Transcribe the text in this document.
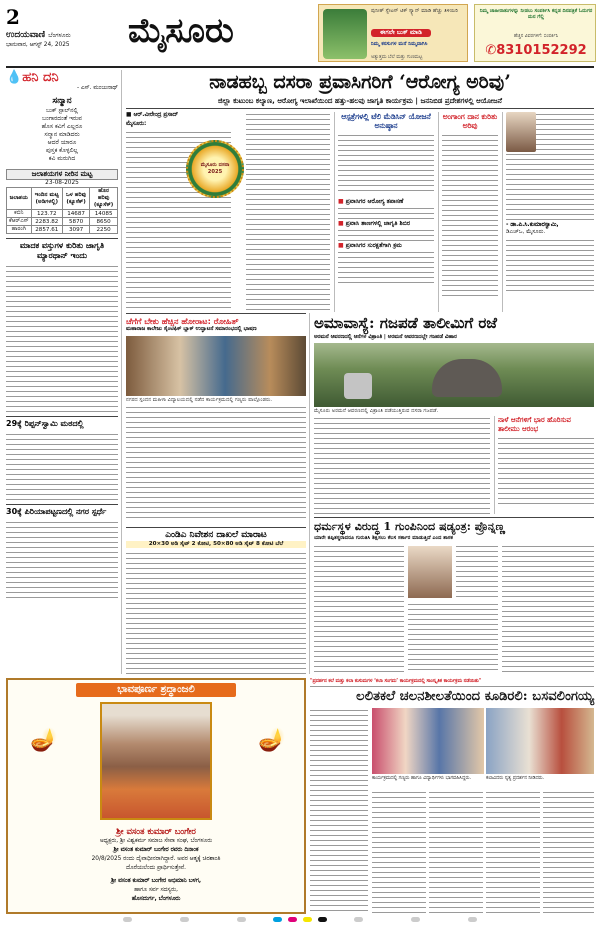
2
ಉದಯವಾಣಿ ಬೆಂಗಳೂರು
ಭಾನುವಾರ, ಆಗಸ್ಟ್ 24, 2025	ಮೈಸೂರು	ಪುನೀತ್ ಸ್ಟೇಟಸ್ ಟಿಕ್ ಸ್ಕ್ಯಾನ್ ಮಾಡಿ ಹೆಚ್ಚು ತಿಳಿಯಿರಿ
ಈಗಲೇ ಬುಕ್ ಮಾಡಿ
ನಿಮ್ಮ ಕನಸುಗಳ ಮನೆ ನಿಮ್ಮದಾಗಿಸಿ
ಅತ್ಯುತ್ತಮ ಬೆಲೆ ಮತ್ತು ಗುಣಮಟ್ಟ
ನಿಮ್ಮ ಜಾಹೀರಾತುಗಳನ್ನು ನೀಡಲು ಸಂಪರ್ಕಿಸಿ ಕನ್ನಡ ದಿನಪತ್ರಿಕೆ ಓದುಗರ ಮನ ಗೆಲ್ಲಿ
ಹೆಚ್ಚಿನ ವಿವರಗಳಿಗೆ: ಸಂಪರ್ಕಿಸಿ
✆8310152292
💧ಹನಿ ದನಿ
- ಎಸ್. ಮಂಜುನಾಥ್
ಸನ್ಮಾನ
ಬುಕ್ ಸ್ಟಾಲ್‌ನಲ್ಲಿ
ಬಂಗಾರದಂತೆ ಇರುವ
ಹೊಸ ಕವಿಗೆ ಎಲ್ಲರೂ
ಸನ್ಮಾನ ಮಾಡಿದರು
ಆದರೆ ಯಾರೂ
ಪುಸ್ತಕ ಕೊಳ್ಳಲಿಲ್ಲ
ಕವಿ ಮರುಗಿದ
ಜಲಾಶಯಗಳ ನೀರಿನ ಮಟ್ಟ
23-08-2025
ಜಲಾಶಯ	ಇಂದಿನ ಮಟ್ಟ (ಅಡಿಗಳಲ್ಲಿ)	ಒಳ ಹರಿವು (ಕ್ಯೂಸೆಕ್)	ಹೊರ ಹರಿವು (ಕ್ಯೂಸೆಕ್)
ಕಬಿನಿ	123.72	14687	14085
ಕೆಆರ್‌ಎಸ್	2283.82	5870	8650
ಹಾರಂಗಿ	2857.61	3097	2250
ಮಾದಕ ವಸ್ತುಗಳ ಕುರಿತು ಜಾಗೃತಿ ಮ್ಯಾರಥಾನ್ ಇಂದು
29ಕ್ಕೆ ರಿಪ್ಪನ್‌ಸ್ವಾಮಿ ಮಠದಲ್ಲಿ
30ಕ್ಕೆ ಪಿರಿಯಾಪಟ್ಟಣದಲ್ಲಿ ನಗರ ಸ್ಪರ್ಧೆ
ನಾಡಹಬ್ಬ ದಸರಾ ಪ್ರವಾಸಿಗರಿಗೆ ‘ಆರೋಗ್ಯ ಅರಿವು’
ಜಿಲ್ಲಾ ಕುಟುಂಬ ಕಲ್ಯಾಣ, ಆರೋಗ್ಯ ಇಲಾಖೆಯಿಂದ ಹತ್ತು-ಹಲವು ಜಾಗೃತಿ ಕಾರ್ಯಕ್ರಮ | ಜನನಿಬಿಡ ಪ್ರದೇಶಗಳಲ್ಲಿ ಆಯೋಜನೆ
■ ಆರ್.ವೀರೇಂದ್ರ ಪ್ರಸಾದ್
ಮೈಸೂರು:
ಮೈಸೂರು ದಸರಾ 2025
ಆಸ್ಪತ್ರೆಗಳಲ್ಲಿ ಟೆಲಿ ಮೆಡಿಸಿನ್ ಯೋಜನೆ ಅನುಷ್ಠಾನ
■ ಪ್ರವಾಸಿಗರ ಆರೋಗ್ಯ ತಪಾಸಣೆ
■ ಪ್ರವಾಸಿ ತಾಣಗಳಲ್ಲಿ ಜಾಗೃತಿ ಶಿಬಿರ
■ ಪ್ರವಾಸಿಗರ ಸುರಕ್ಷತೆಗಾಗಿ ಕ್ರಮ
ಅಂಗಾಂಗ ದಾನ ಕುರಿತು ಅರಿವು
- ಡಾ.ಪಿ.ಸಿ.ಕುಮಾರಸ್ವಾಮಿ,
ಡಿಎಚ್‌ಒ, ಮೈಸೂರು.
ಚೆಗೆ‌ಗೆ ಬೇಕು ಹೆಚ್ಚಿನ ಹೋರಾಟ: ರೋಹಿತ್
ಮಹಾರಾಜ ಕಾಲೇಜು ಸೈಂಟಿಫಿಕ್ ಬ್ಲಾಕ್ ಉದ್ಘಾಟನೆ ಸಮಾರಂಭದಲ್ಲಿ ಭಾಷಣ
ನಗರದ ಸ್ಪಂದನ ಮಹಿಳಾ ವಿದ್ಯಾಲಯದಲ್ಲಿ ನಡೆದ ಕಾರ್ಯಕ್ರಮದಲ್ಲಿ ಗಣ್ಯರು ಪಾಲ್ಗೊಂಡರು.
ಎಂಡಿಎ ನಿವೇಶನ ದಾಖಲೆ ಮಾರಾಟ
20×30 ಅಡಿ ಸೈಟ್ 2 ಕೋಟಿ, 50×80 ಅಡಿ ಸೈಟ್ 8 ಕೋಟಿ ಬೆಲೆ
ಅಮಾವಾಸ್ಯೆ: ಗಜಪಡೆ ತಾಲೀಮಿಗೆ ರಜೆ
ಅರಮನೆ ಆವರಣದಲ್ಲಿ ಆನೆಗಳ ವಿಶ್ರಾಂತಿ | ಅರಮನೆ ಆವರಣದಲ್ಲೇ ಗಜಪಡೆ ವಿಹಾರ
ಮೈಸೂರು ಅರಮನೆ ಆವರಣದಲ್ಲಿ ವಿಶ್ರಾಂತಿ ಪಡೆಯುತ್ತಿರುವ ದಸರಾ ಗಜಪಡೆ.
ನಾಳೆ ಆನೆಗಳಿಗೆ ಭಾರ ಹೊರಿಸುವ ತಾಲೀಮು ಆರಂಭ
ಧರ್ಮಸ್ಥಳ ವಿರುದ್ಧ 1 ಗುಂಪಿನಿಂದ ಷಡ್ಯಂತ್ರ: ಪ್ರೊನ್ನಣ್ಣ
ಯಾರೇ ತಪ್ಪಿತಸ್ಥರಾದರೂ ಗುರುತಿಸಿ ಶಿಕ್ಷಿಸಲು ಕೆಲಸ ಸರ್ಕಾರ ಮಾಡುತ್ತಿದೆ ಎಂದ ಶಾಸಕ
ಭಾವಪೂರ್ಣ ಶ್ರದ್ಧಾಂಜಲಿ
🪔	🪔
ಶ್ರೀ ವಸಂತ ಕುಮಾರ್ ಬಂಗೇರ
ಅಧ್ಯಕ್ಷರು, ಶ್ರೀ ವಿಶ್ವಕರ್ಮ ಸಮಾಜ ಸೇವಾ ಸಂಘ, ಬೆಂಗಳೂರು
ಶ್ರೀ ವಸಂತ ಕುಮಾರ್ ಬಂಗೇರ ರವರು ದಿನಾಂಕ
20/8/2025 ರಂದು ದೈವಾಧೀನರಾಗಿದ್ದಾರೆ. ಅವರ ಆತ್ಮಕ್ಕೆ ಚಿರಶಾಂತಿ
ದೊರೆಯಲೆಂದು ಪ್ರಾರ್ಥಿಸುತ್ತೇವೆ.
ಶ್ರೀ ವಸಂತ ಕುಮಾರ್ ಬಂಗೇರ ಅಭಿಮಾನಿ ಬಳಗ,
ಹಾಗೂ ಸರ್ವ ಸದಸ್ಯರು,
ಹೊಸದುರ್ಗ, ಬೆಂಗಳೂರು
"ಪ್ರದರ್ಶನ ಕಲೆ ಮತ್ತು ಕಲಾ ಕುಸುಮಗಳ ‘ಕಲಾ ಸಂಗಮ’ ಕಾರ್ಯಕ್ರಮದಲ್ಲಿ ಸಾಂಸ್ಕೃತಿಕ ಕಾರ್ಯಕ್ರಮ ನಡೆಯಿತು"
ಲಲಿತಕಲೆ ಚಲನಶೀಲತೆಯಿಂದ ಕೂಡಿರಲಿ: ಬಸವಲಿಂಗಯ್ಯ
ಕಾರ್ಯಕ್ರಮದಲ್ಲಿ ಗಣ್ಯರು ಹಾಗೂ ವಿದ್ಯಾರ್ಥಿಗಳು ಭಾಗವಹಿಸಿದ್ದರು.	ಕಲಾವಿದರು ನೃತ್ಯ ಪ್ರದರ್ಶನ ನೀಡಿದರು.
